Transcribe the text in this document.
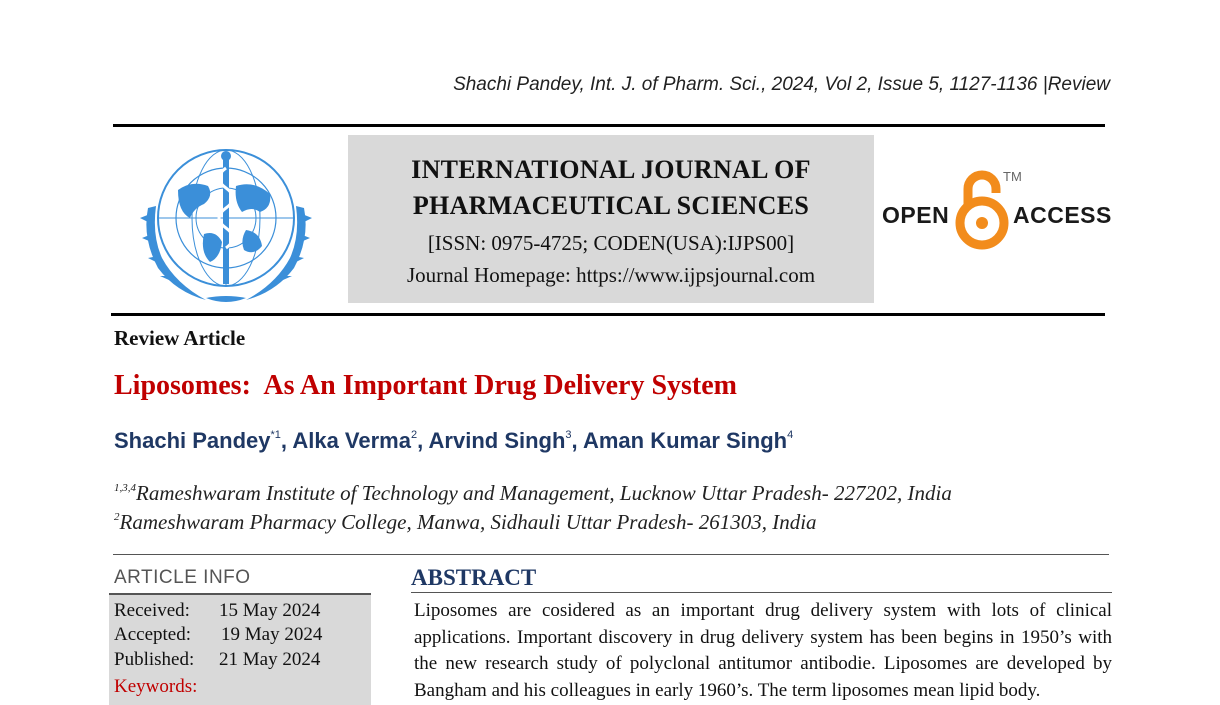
Shachi Pandey, Int. J. of Pharm. Sci., 2024, Vol 2, Issue 5, 1127-1136 |Review
INTERNATIONAL JOURNAL OF
PHARMACEUTICAL SCIENCES
[ISSN: 0975-4725; CODEN(USA):IJPS00]
Journal Homepage: https://www.ijpsjournal.com
OPEN
TM
ACCESS
Review Article
Liposomes:  As An Important Drug Delivery System
Shachi Pandey$^{*1}$, Alka Verma$^2$, Arvind Singh$^3$, Aman Kumar Singh$^4$
$^{1,3,4}$Rameshwaram Institute of Technology and Management, Lucknow Uttar Pradesh- 227202, India
$^2$Rameshwaram Pharmacy College, Manwa, Sidhauli Uttar Pradesh- 261303, India
ARTICLE INFO
Received: 15 May 2024
Accepted: 19 May 2024
Published: 21 May 2024
Keywords:
ABSTRACT
Liposomes are cosidered as an important drug delivery system with lots of clinical applications. Important discovery in drug delivery system has been begins in 1950’s with the new research study of polyclonal antitumor antibodie. Liposomes are developed by Bangham and his colleagues in early 1960’s. The term liposomes mean lipid body.
